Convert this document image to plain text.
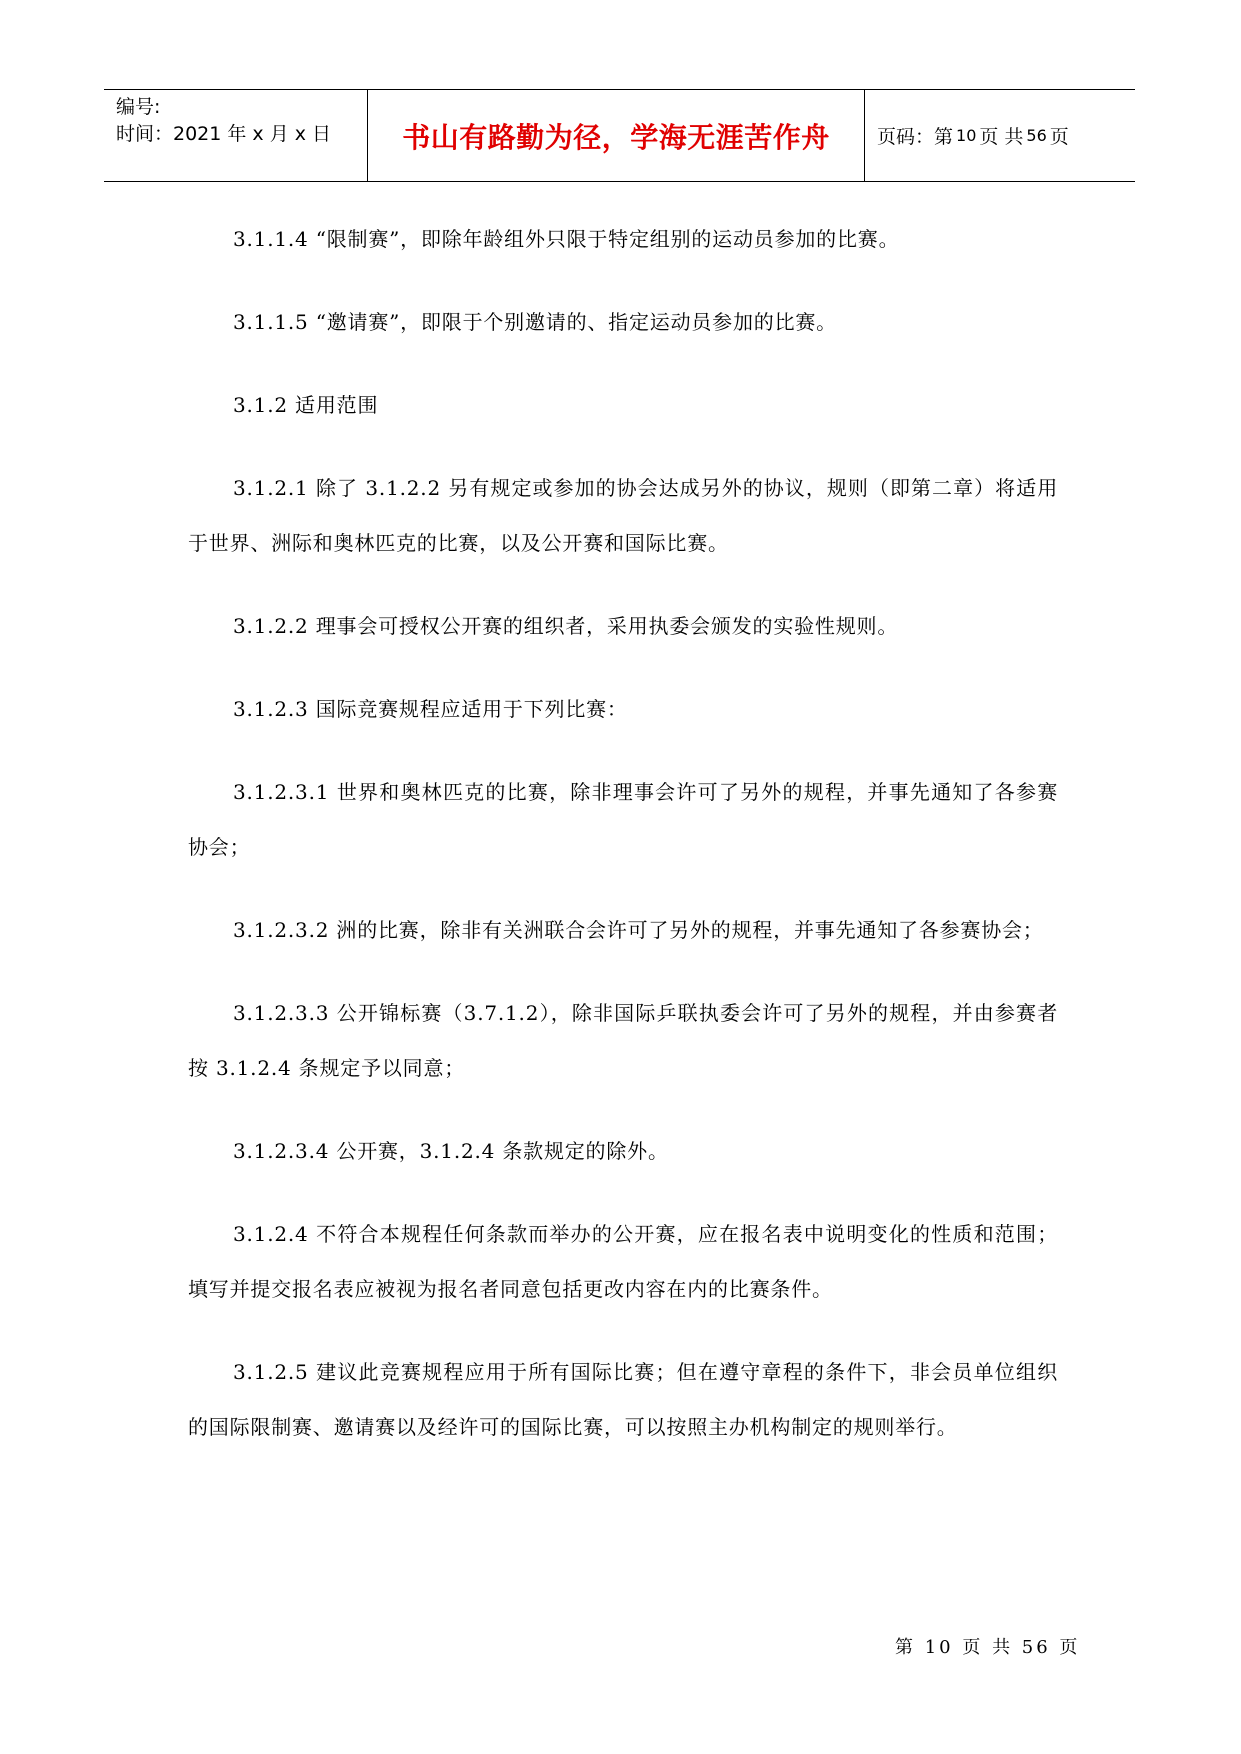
编号:
时间：2021 年 x 月 x 日	书山有路勤为径，学海无涯苦作舟	页码：第 10 页 共 56 页

3.1.1.4 “限制赛”，即除年龄组外只限于特定组别的运动员参加的比赛。

3.1.1.5 “邀请赛”，即限于个别邀请的、指定运动员参加的比赛。

3.1.2 适用范围

3.1.2.1 除了 3.1.2.2 另有规定或参加的协会达成另外的协议，规则（即第二章）将适用于世界、洲际和奥林匹克的比赛，以及公开赛和国际比赛。

3.1.2.2 理事会可授权公开赛的组织者，采用执委会颁发的实验性规则。

3.1.2.3 国际竞赛规程应适用于下列比赛：

3.1.2.3.1 世界和奥林匹克的比赛，除非理事会许可了另外的规程，并事先通知了各参赛协会；

3.1.2.3.2 洲的比赛，除非有关洲联合会许可了另外的规程，并事先通知了各参赛协会；

3.1.2.3.3 公开锦标赛（3.7.1.2），除非国际乒联执委会许可了另外的规程，并由参赛者按 3.1.2.4 条规定予以同意；

3.1.2.3.4 公开赛，3.1.2.4 条款规定的除外。

3.1.2.4 不符合本规程任何条款而举办的公开赛，应在报名表中说明变化的性质和范围；填写并提交报名表应被视为报名者同意包括更改内容在内的比赛条件。

3.1.2.5 建议此竞赛规程应用于所有国际比赛；但在遵守章程的条件下，非会员单位组织的国际限制赛、邀请赛以及经许可的国际比赛，可以按照主办机构制定的规则举行。

第 10 页 共 56 页
